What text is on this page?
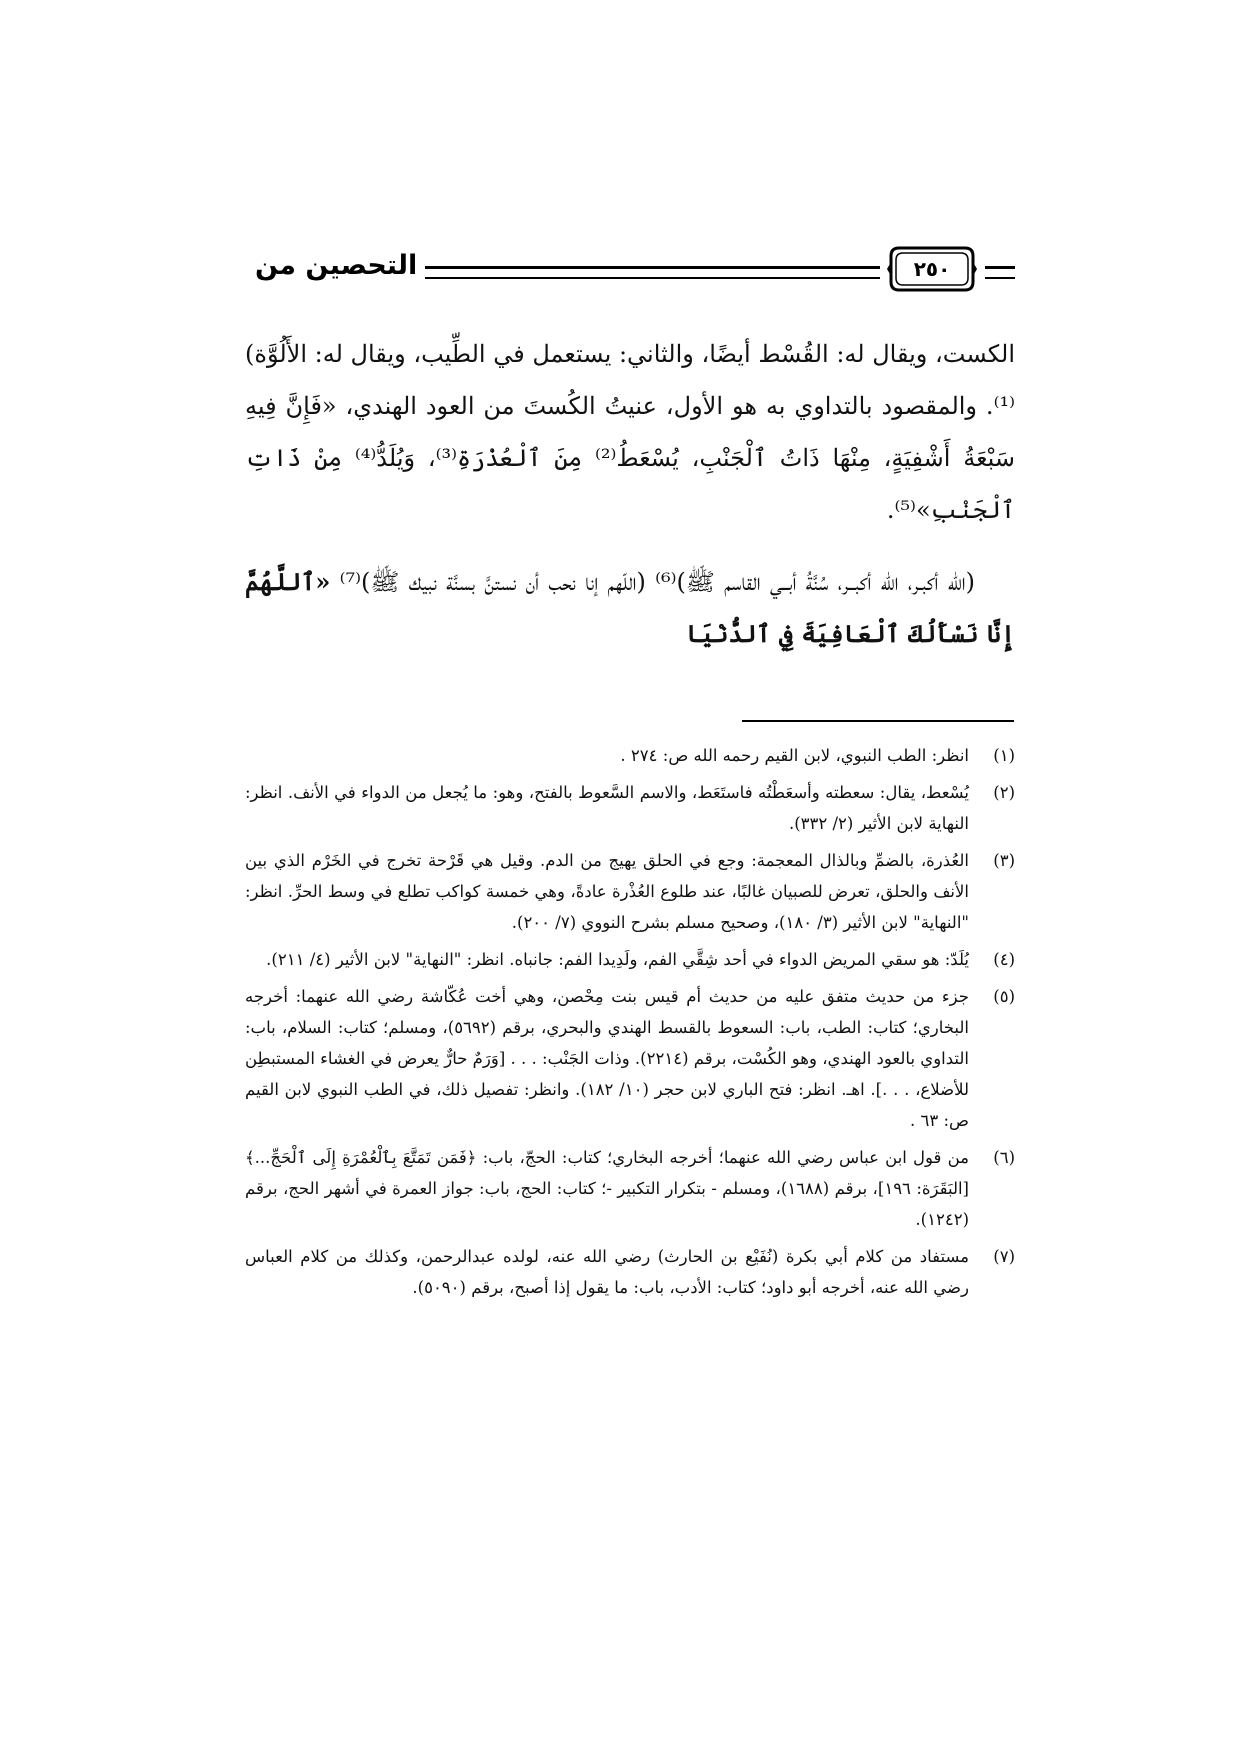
التحصين من	٢٥٠

الكست، ويقال له: القُسْط أيضًا، والثاني: يستعمل في الطِّيب، ويقال له: الأَلُوَّة)⁽¹⁾. والمقصود بالتداوي به هو الأول، عنيتُ الكُستَ من العود الهندي، «فَإِنَّ فِيهِ سَبْعَةُ أَشْفِيَةٍ، مِنْهَا ذَاتُ ٱلْجَنْبِ، يُسْعَطُ⁽²⁾ مِنَ ٱلْعُذْرَةِ⁽³⁾، وَيُلَدُّ⁽⁴⁾ مِنْ ذَاتِ ٱلْجَنْبِ»⁽⁵⁾.

(الله أكبـر، الله أكبــر، سُنَّةُ أبــي القاسم ﷺ)⁽⁶⁾ (اللّهم إنا نحب أن نستنَّ بسنَّة نبيك ﷺ)⁽⁷⁾ «ٱللَّهُمَّ إِنَّا نَسْأَلُكَ ٱلْعَافِيَةَ فِي ٱلدُّنْيَا

(١)
انظر: الطب النبوي، لابن القيم رحمه الله ص: ٢٧٤ .
(٢)
يُسْعط، يقال: سعطته وأسعَطْتُه فاستَعَط، والاسم السَّعوط بالفتح، وهو: ما يُجعل من الدواء في الأنف. انظر: النهاية لابن الأثير (٢/ ٣٣٢).
(٣)
العُذرة، بالضمِّ وبالذال المعجمة: وجع في الحلق يهيج من الدم. وقيل هي قَرْحة تخرج في الخَرْم الذي بين الأنف والحلق، تعرض للصبيان غالبًا، عند طلوع العُذْرة عادةً، وهي خمسة كواكب تطلع في وسط الحرِّ. انظر: "النهاية" لابن الأثير (٣/ ١٨٠)، وصحيح مسلم بشرح النووي (٧/ ٢٠٠).
(٤)
يُلَدّ: هو سقي المريض الدواء في أحد شِقَّي الفم، ولَدِيدا الفم: جانباه. انظر: "النهاية" لابن الأثير (٤/ ٢١١).
(٥)
جزء من حديث متفق عليه من حديث أم قيس بنت مِحْصن، وهي أخت عُكّاشة رضي الله عنهما: أخرجه البخاري؛ كتاب: الطب، باب: السعوط بالقسط الهندي والبحري، برقم (٥٦٩٢)، ومسلم؛ كتاب: السلام، باب: التداوي بالعود الهندي، وهو الكُسْت، برقم (٢٢١٤). وذات الجَنْب: . . . [وَرَمٌ حارٌّ يعرض في الغشاء المستبطِن للأضلاع، . . .]. اهـ. انظر: فتح الباري لابن حجر (١٠/ ١٨٢). وانظر: تفصيل ذلك، في الطب النبوي لابن القيم ص: ٦٣ .
(٦)
من قول ابن عباس رضي الله عنهما؛ أخرجه البخاري؛ كتاب: الحجّ، باب: ﴿فَمَن تَمَتَّعَ بِٱلْعُمْرَةِ إِلَى ٱلْحَجِّ...﴾ [البَقَرَة: ١٩٦]، برقم (١٦٨٨)، ومسلم - بتكرار التكبير -؛ كتاب: الحج، باب: جواز العمرة في أشهر الحج، برقم (١٢٤٢).
(٧)
مستفاد من كلام أبي بكرة (نُفَيْع بن الحارث) رضي الله عنه، لولده عبدالرحمن، وكذلك من كلام العباس رضي الله عنه، أخرجه أبو داود؛ كتاب: الأدب، باب: ما يقول إذا أصبح، برقم (٥٠٩٠).
